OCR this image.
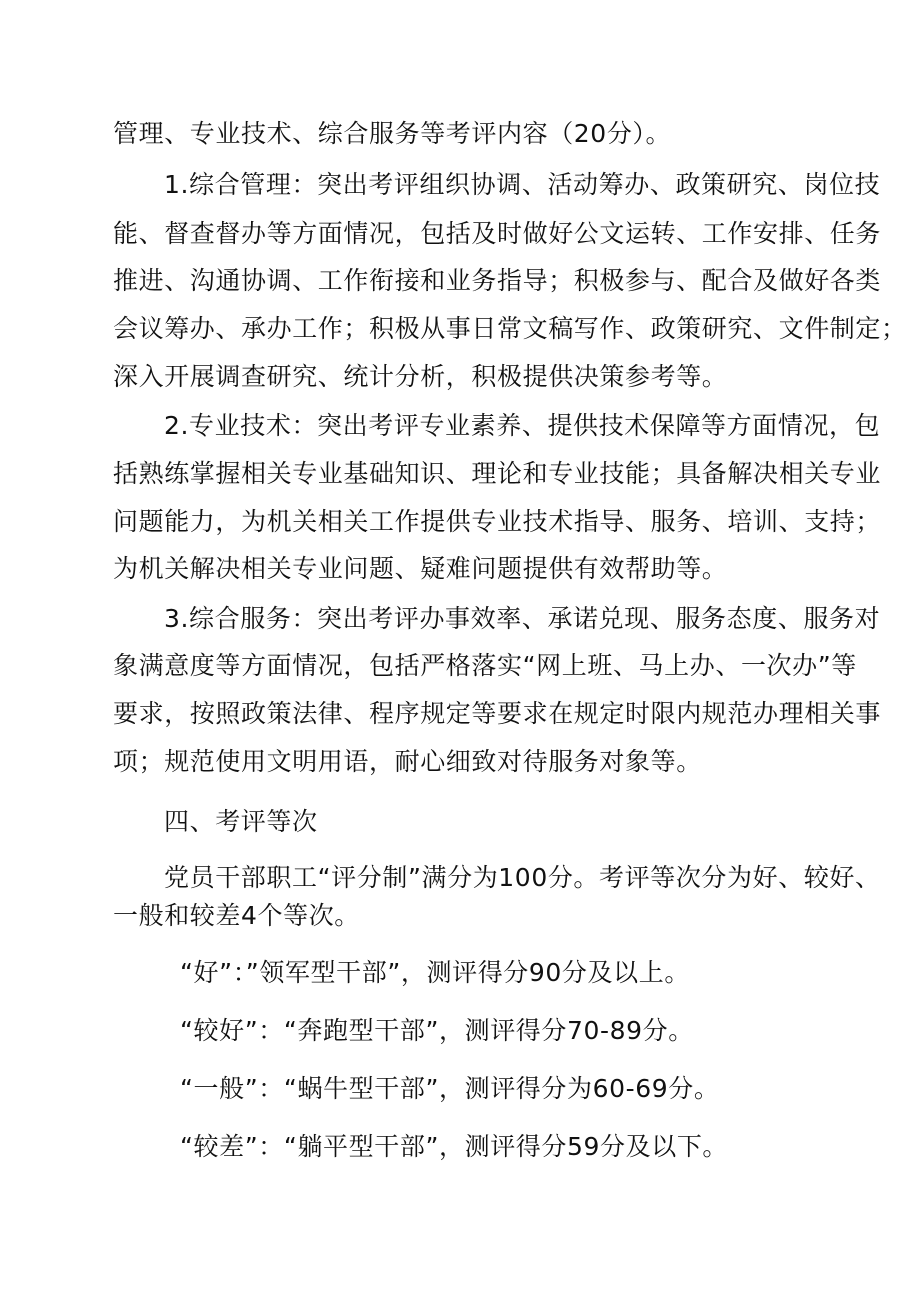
管理、专业技术、综合服务等考评内容（20分）。
1.综合管理：突出考评组织协调、活动筹办、政策研究、岗位技
能、督查督办等方面情况，包括及时做好公文运转、工作安排、任务
推进、沟通协调、工作衔接和业务指导；积极参与、配合及做好各类
会议筹办、承办工作；积极从事日常文稿写作、政策研究、文件制定；
深入开展调查研究、统计分析，积极提供决策参考等。
2.专业技术：突出考评专业素养、提供技术保障等方面情况，包
括熟练掌握相关专业基础知识、理论和专业技能；具备解决相关专业
问题能力，为机关相关工作提供专业技术指导、服务、培训、支持；
为机关解决相关专业问题、疑难问题提供有效帮助等。
3.综合服务：突出考评办事效率、承诺兑现、服务态度、服务对
象满意度等方面情况，包括严格落实“网上班、马上办、一次办”等
要求，按照政策法律、程序规定等要求在规定时限内规范办理相关事
项；规范使用文明用语，耐心细致对待服务对象等。
四、考评等次
党员干部职工“评分制”满分为100分。考评等次分为好、较好、
一般和较差4个等次。
“好”：”领军型干部”，测评得分90分及以上。
“较好”：“奔跑型干部”，测评得分70-89分。
“一般”：“蜗牛型干部”，测评得分为60-69分。
“较差”：“躺平型干部”，测评得分59分及以下。
